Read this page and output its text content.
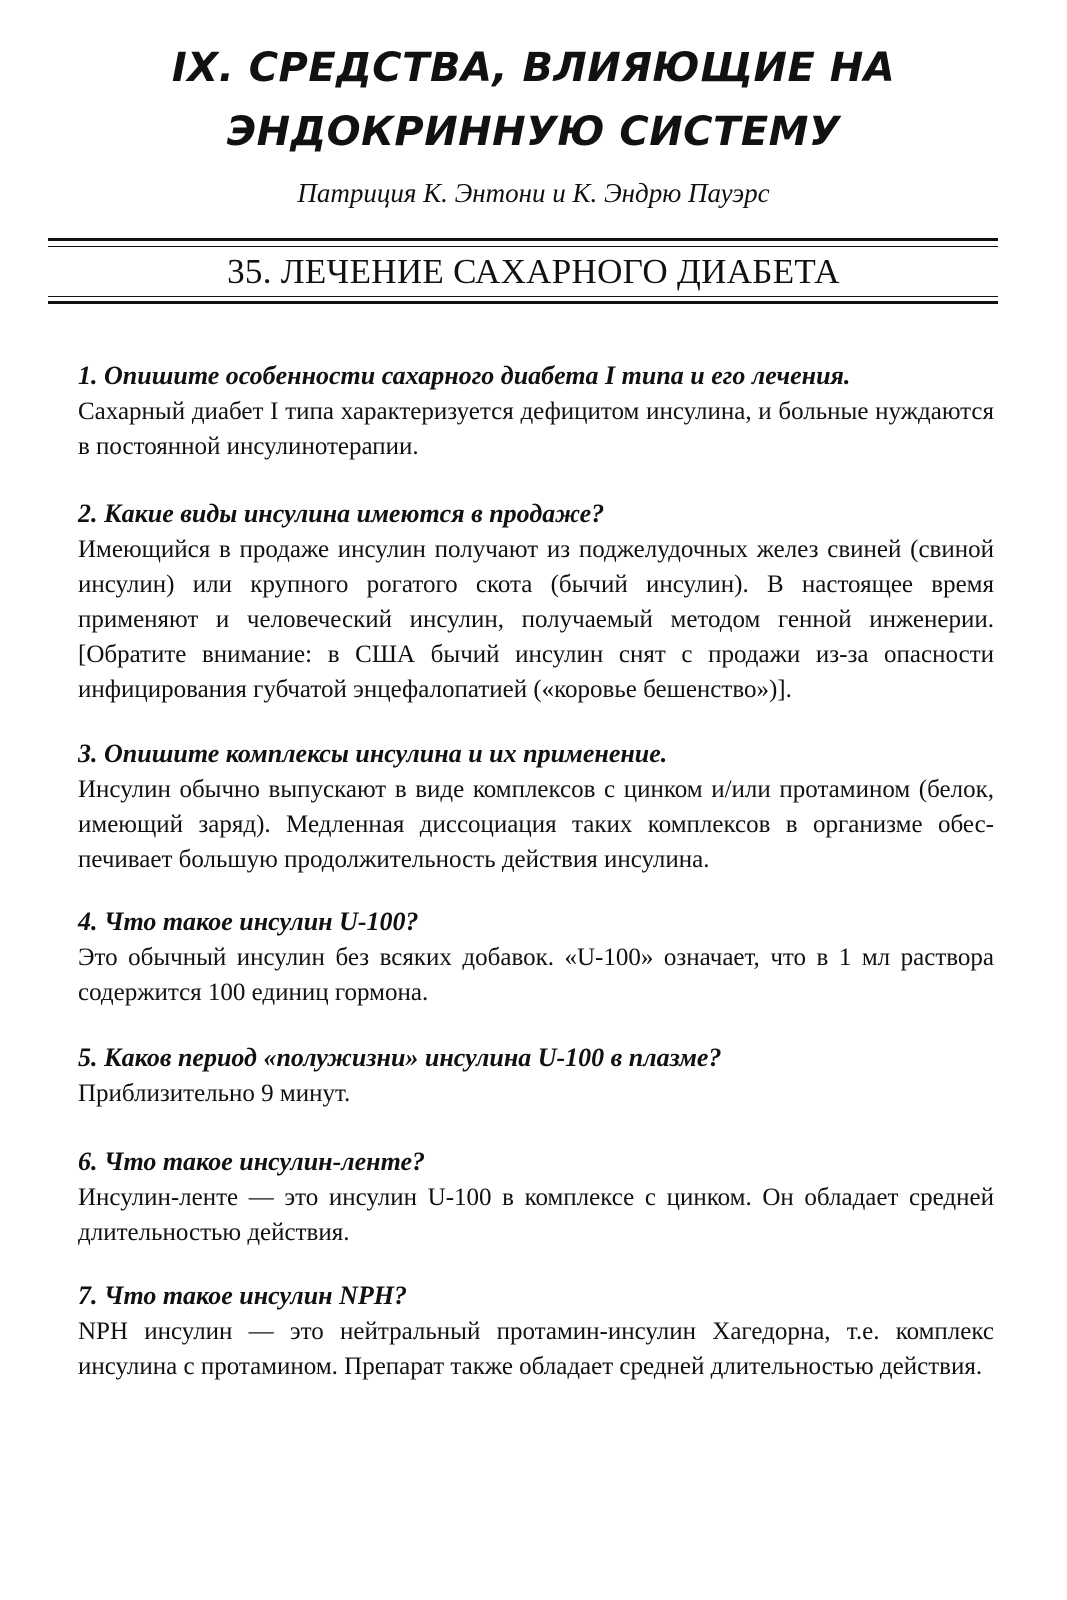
IX. СРЕДСТВА, ВЛИЯЮЩИЕ НА
ЭНДОКРИННУЮ СИСТЕМУ
Патриция К. Энтони и К. Эндрю Пауэрс
35. ЛЕЧЕНИЕ САХАРНОГО ДИАБЕТА

1. Опишите особенности сахарного диабета I типа и его лечения.

Сахарный диабет I типа характеризуется дефицитом инсулина, и больные нуждаются в постоянной инсулинотерапии.

2. Какие виды инсулина имеются в продаже?

Имеющийся в продаже инсулин получают из поджелудочных желез свиней (свиной инсулин) или крупного рогатого скота (бычий инсулин). В настоящее время применяют и человеческий инсулин, получаемый методом генной инженерии. [Обратите внимание: в США бычий инсулин снят с продажи из-за опасности инфицирования губчатой энцефалопатией («коровье бешенство»)].

3. Опишите комплексы инсулина и их применение.

Инсулин обычно выпускают в виде комплексов с цинком и/или протамином (белок, имеющий заряд). Медленная диссоциация таких комплексов в организме обеспечивает большую продолжительность действия инсулина.

4. Что такое инсулин U-100?

Это обычный инсулин без всяких добавок. «U-100» означает, что в 1 мл раствора содержится 100 единиц гормона.

5. Каков период «полужизни» инсулина U-100 в плазме?

Приблизительно 9 минут.

6. Что такое инсулин-ленте?

Инсулин-ленте — это инсулин U-100 в комплексе с цинком. Он обладает средней длительностью действия.

7. Что такое инсулин NPH?

NPH инсулин — это нейтральный протамин-инсулин Хагедорна, т.е. комплекс инсулина с протамином. Препарат также обладает средней длительностью действия.
